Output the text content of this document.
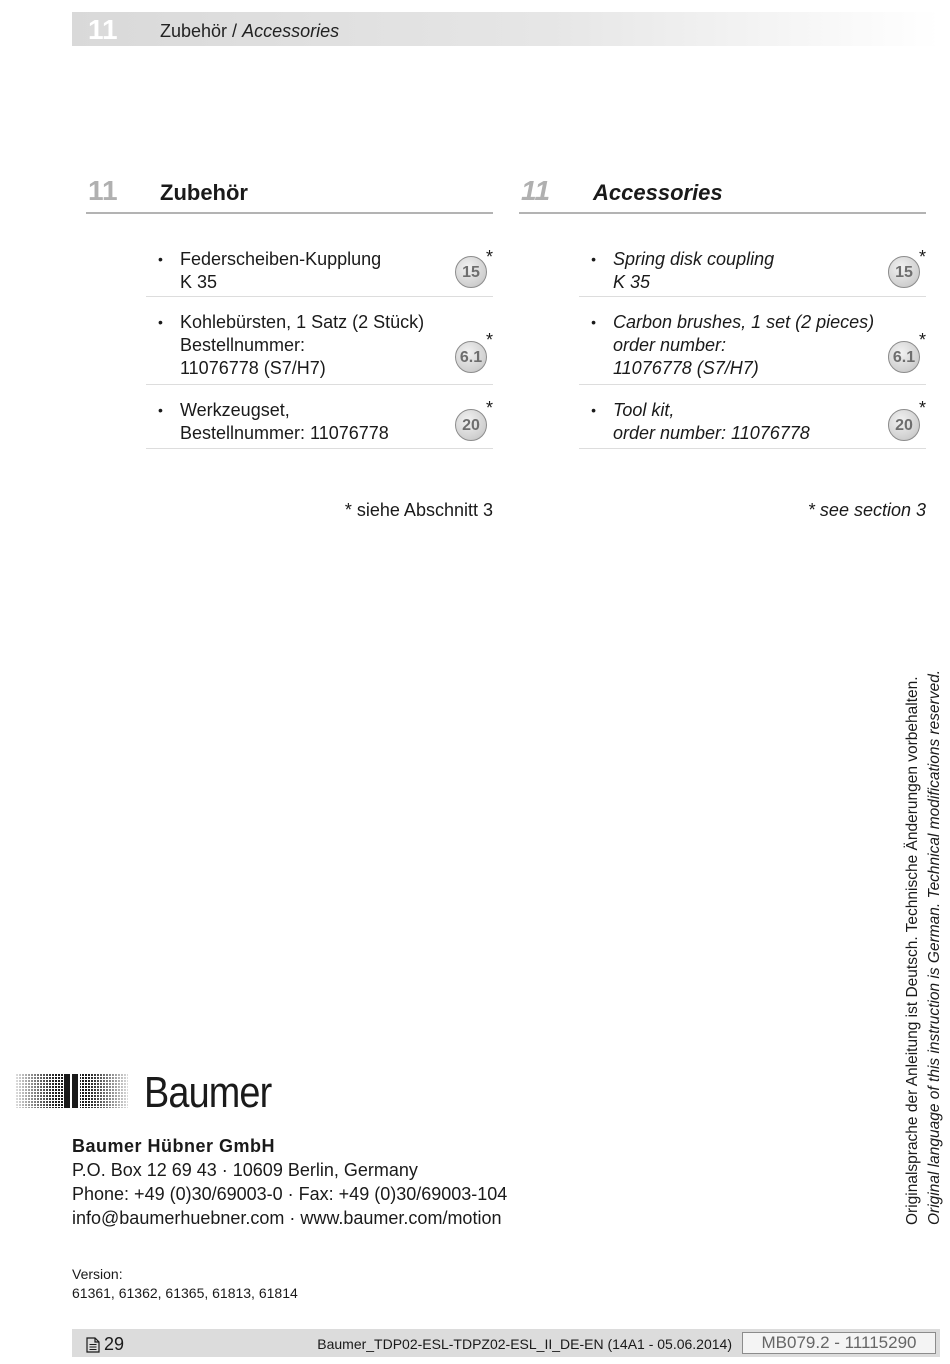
11 Zubehör / Accessories
11 Zubehör
• Federscheiben-Kupplung
K 35	15
*
• Kohlebürsten, 1 Satz (2 Stück)
Bestellnummer:
11076778 (S7/H7)
6.1
*
• Werkzeugset,
Bestellnummer: 11076778	20
*
11 Accessories
• Spring disk coupling
K 35	15
*
• Carbon brushes, 1 set (2 pieces)
order number:
11076778 (S7/H7)
6.1
*
• Tool kit,
order number: 11076778	20
*
* siehe Abschnitt 3	* see section 3
Originalsprache der Anleitung ist Deutsch. Technische Änderungen vorbehalten. Original language of this instruction is German. Technical modifications reserved.
Baumer
Baumer Hübner GmbH
P.O. Box 12 69 43 · 10609 Berlin, Germany
Phone: +49 (0)30/69003-0 · Fax: +49 (0)30/69003-104
info@baumerhuebner.com · www.baumer.com/motion
Version:
61361, 61362, 61365, 61813, 61814
29	Baumer_TDP02-ESL-TDPZ02-ESL_II_DE-EN (14A1 - 05.06.2014)	MB079.2 - 11115290
